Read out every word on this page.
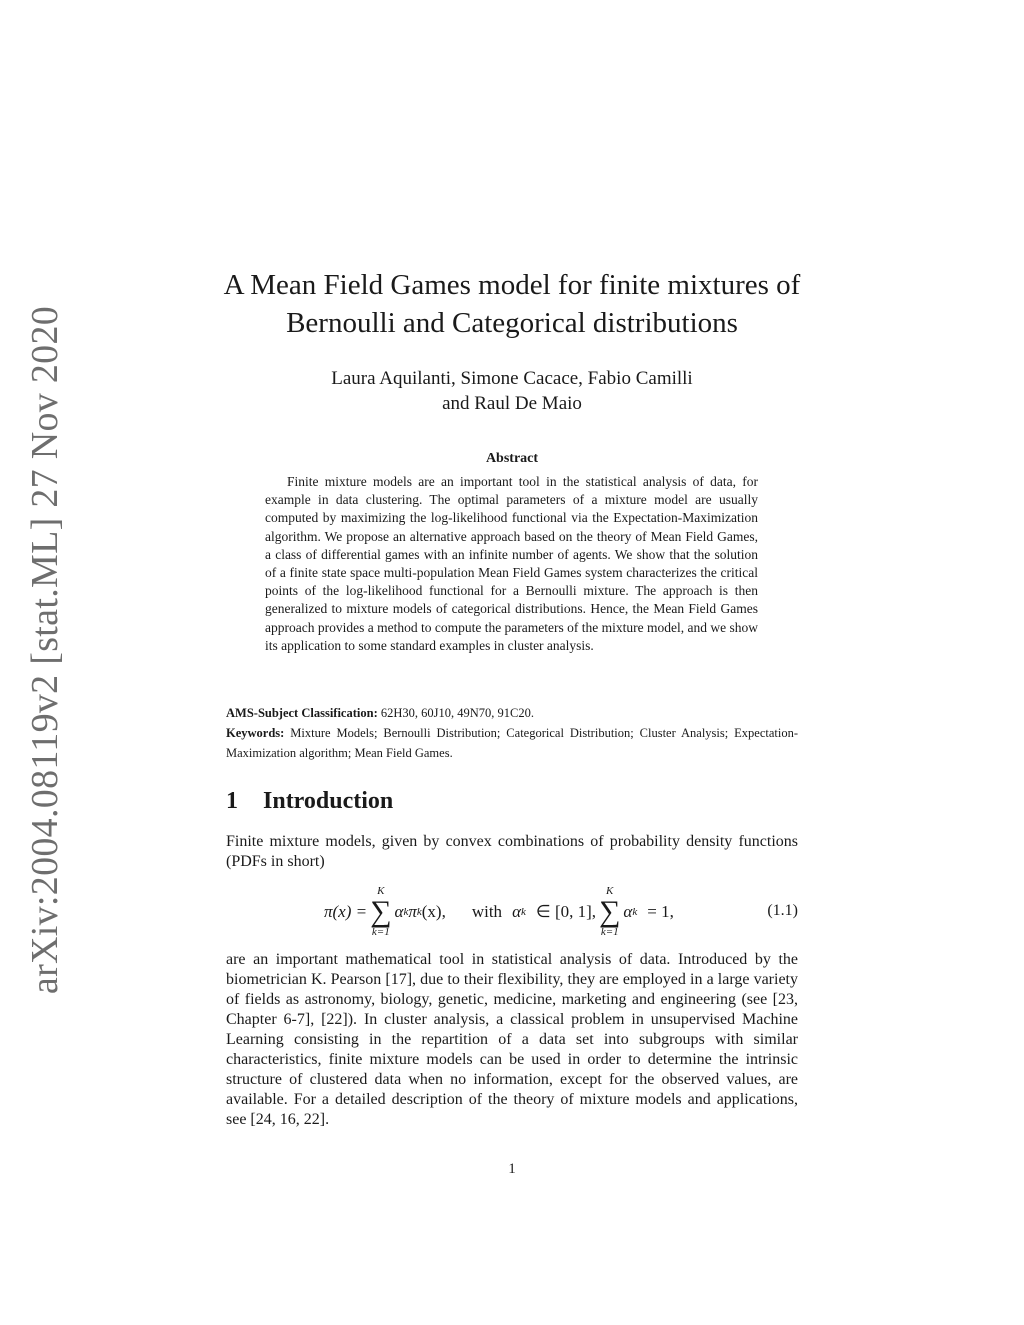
arXiv:2004.08119v2 [stat.ML] 27 Nov 2020
A Mean Field Games model for finite mixtures of Bernoulli and Categorical distributions
Laura Aquilanti, Simone Cacace, Fabio Camilli
and Raul De Maio
Abstract

Finite mixture models are an important tool in the statistical analysis of data, for example in data clustering. The optimal parameters of a mixture model are usually computed by maximizing the log-likelihood functional via the Expectation-Maximization algorithm. We propose an alternative approach based on the theory of Mean Field Games, a class of differential games with an infinite number of agents. We show that the solution of a finite state space multi-population Mean Field Games system characterizes the critical points of the log-likelihood functional for a Bernoulli mixture. The approach is then generalized to mixture models of categorical distributions. Hence, the Mean Field Games approach provides a method to compute the parameters of the mixture model, and we show its application to some standard examples in cluster analysis.

AMS-Subject Classification: 62H30, 60J10, 49N70, 91C20.
Keywords: Mixture Models; Bernoulli Distribution; Categorical Distribution; Cluster Analysis; Expectation-Maximization algorithm; Mean Field Games.
1 Introduction

Finite mixture models, given by convex combinations of probability density functions (PDFs in short)

π(x) =
K
∑
k=1
α k π k (x), with α k ∈ [0, 1],
K
∑
k=1
α k = 1,	(1.1)

are an important mathematical tool in statistical analysis of data. Introduced by the biometrician K. Pearson [17], due to their flexibility, they are employed in a large variety of fields as astronomy, biology, genetic, medicine, marketing and engineering (see [23, Chapter 6-7], [22]). In cluster analysis, a classical problem in unsupervised Machine Learning consisting in the repartition of a data set into subgroups with similar characteristics, finite mixture models can be used in order to determine the intrinsic structure of clustered data when no information, except for the observed values, are available. For a detailed description of the theory of mixture models and applications, see [24, 16, 22].

1
